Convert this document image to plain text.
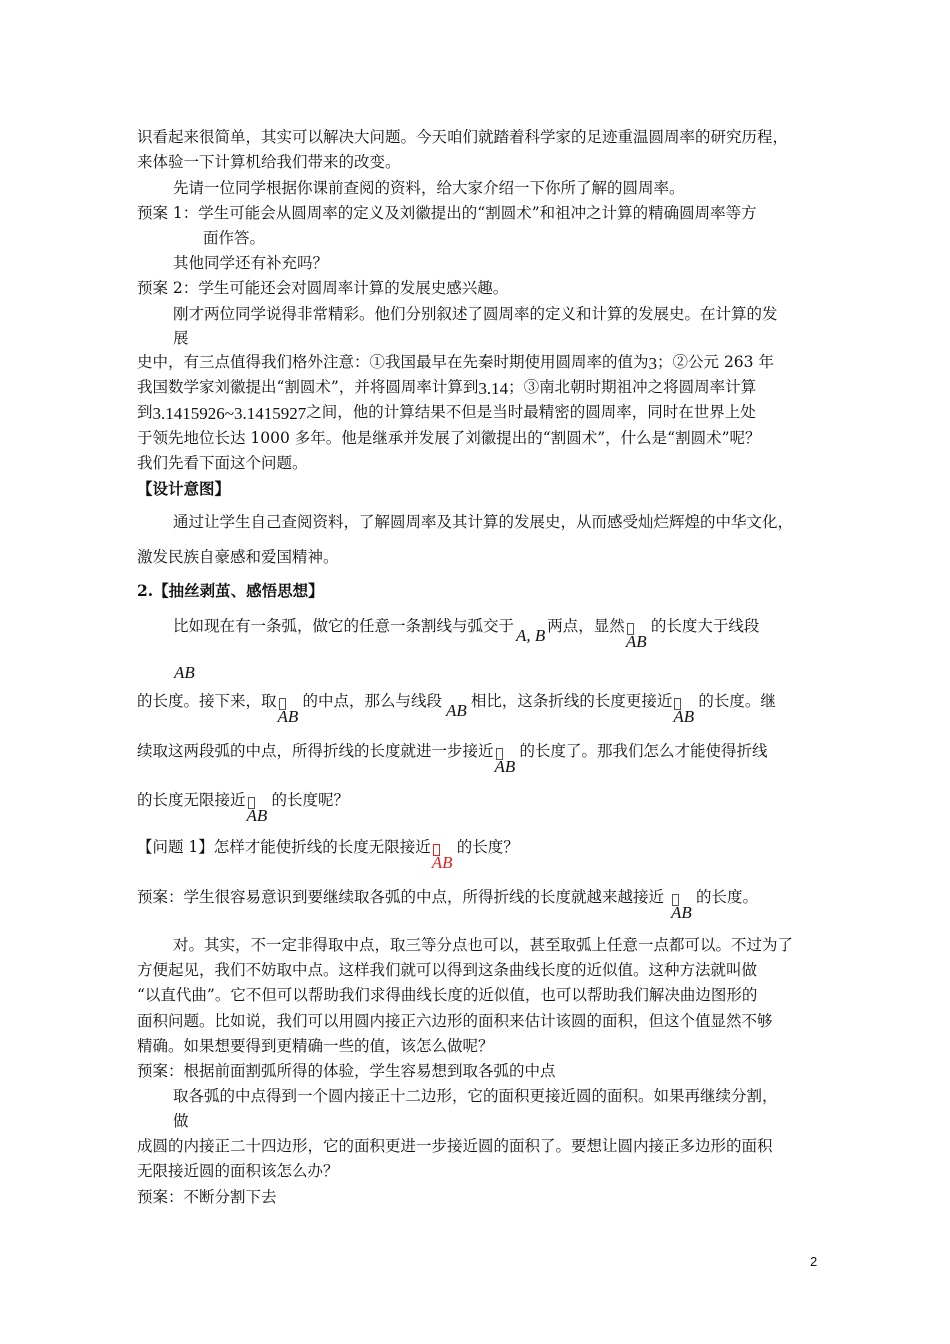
识看起来很简单，其实可以解决大问题。今天咱们就踏着科学家的足迹重温圆周率的研究历程，
来体验一下计算机给我们带来的改变。
先请一位同学根据你课前查阅的资料，给大家介绍一下你所了解的圆周率。
预案 1：学生可能会从圆周率的定义及刘徽提出的“割圆术”和祖冲之计算的精确圆周率等方
面作答。
其他同学还有补充吗？
预案 2：学生可能还会对圆周率计算的发展史感兴趣。
刚才两位同学说得非常精彩。他们分别叙述了圆周率的定义和计算的发展史。在计算的发
展
史中，有三点值得我们格外注意：①我国最早在先秦时期使用圆周率的值为3；②公元 263 年
我国数学家刘徽提出“割圆术”，并将圆周率计算到3.14；③南北朝时期祖冲之将圆周率计算
到3.1415926~3.1415927之间，他的计算结果不但是当时最精密的圆周率，同时在世界上处
于领先地位长达 1000 多年。他是继承并发展了刘徽提出的“割圆术”，什么是“割圆术”呢？
我们先看下面这个问题。
【设计意图】
通过让学生自己查阅资料，了解圆周率及其计算的发展史，从而感受灿烂辉煌的中华文化，
激发民族自豪感和爱国精神。
2.【抽丝剥茧、感悟思想】
比如现在有一条弧，做它的任意一条割线与弧交于 A, B 两点，显然
AB
的长度大于线段
AB
的长度。接下来，取
AB
的中点，那么与线段 AB 相比，这条折线的长度更接近
AB
的长度。继
续取这两段弧的中点，所得折线的长度就进一步接近
AB
的长度了。那我们怎么才能使得折线
的长度无限接近
AB
的长度呢？
【问题 1】怎样才能使折线的长度无限接近
AB
的长度？
预案：学生很容易意识到要继续取各弧的中点，所得折线的长度就越来越接近
AB
的长度。
对。其实，不一定非得取中点，取三等分点也可以，甚至取弧上任意一点都可以。不过为了
方便起见，我们不妨取中点。这样我们就可以得到这条曲线长度的近似值。这种方法就叫做
“以直代曲”。它不但可以帮助我们求得曲线长度的近似值，也可以帮助我们解决曲边图形的
面积问题。比如说，我们可以用圆内接正六边形的面积来估计该圆的面积，但这个值显然不够
精确。如果想要得到更精确一些的值，该怎么做呢？
预案：根据前面割弧所得的体验，学生容易想到取各弧的中点
取各弧的中点得到一个圆内接正十二边形，它的面积更接近圆的面积。如果再继续分割，
做
成圆的内接正二十四边形，它的面积更进一步接近圆的面积了。要想让圆内接正多边形的面积
无限接近圆的面积该怎么办？
预案：不断分割下去
2
